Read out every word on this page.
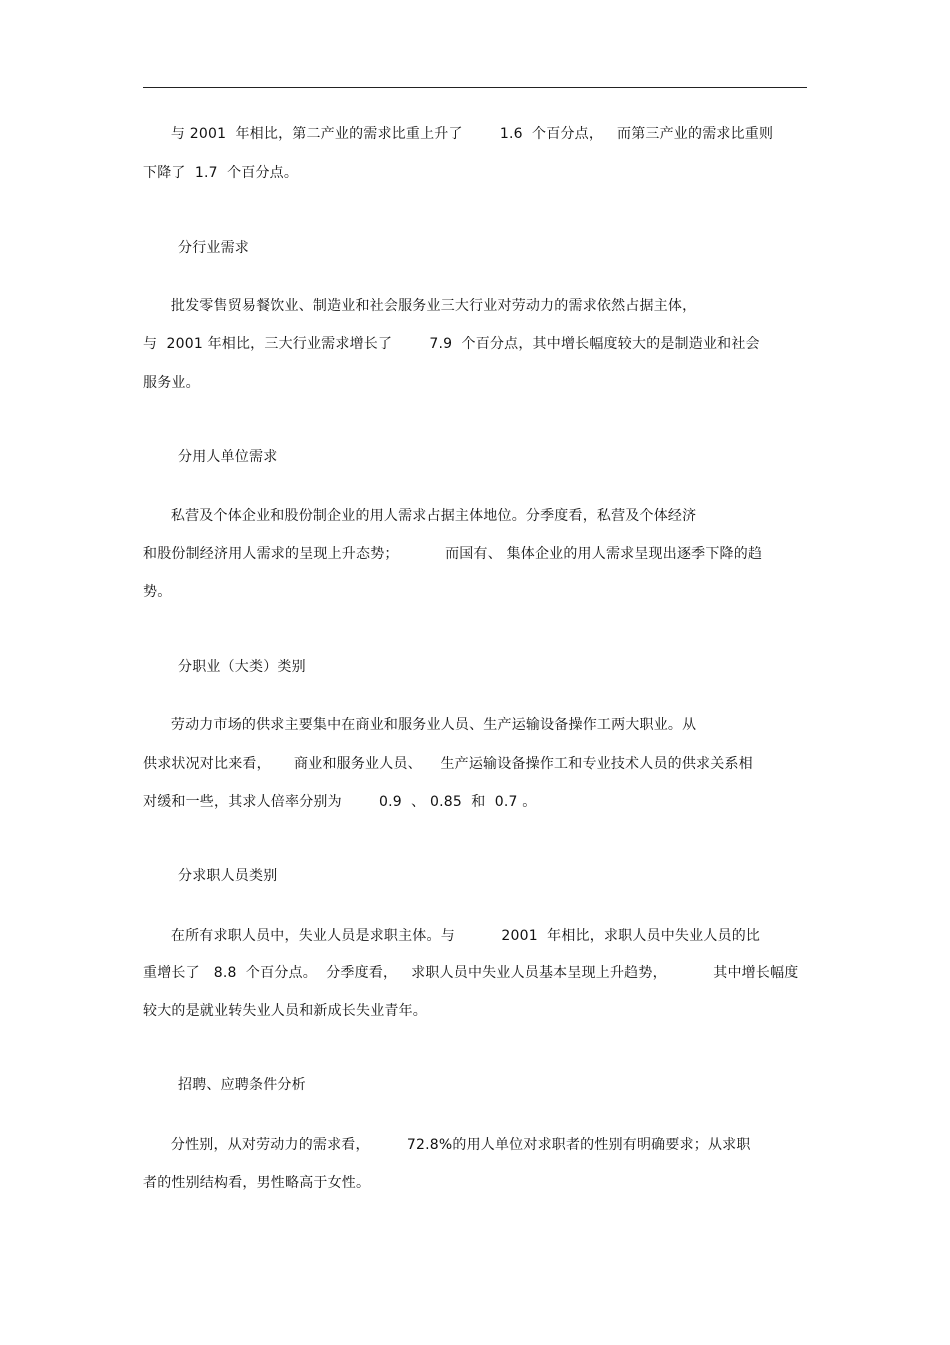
与 2001  年相比，第二产业的需求比重上升了        1.6  个百分点，   而第三产业的需求比重则
下降了  1.7  个百分点。
分行业需求
批发零售贸易餐饮业、制造业和社会服务业三大行业对劳动力的需求依然占据主体，
与  2001 年相比，三大行业需求增长了        7.9  个百分点，其中增长幅度较大的是制造业和社会
服务业。
分用人单位需求
私营及个体企业和股份制企业的用人需求占据主体地位。分季度看，私营及个体经济
和股份制经济用人需求的呈现上升态势；          而国有、 集体企业的用人需求呈现出逐季下降的趋
势。
分职业（大类）类别
劳动力市场的供求主要集中在商业和服务业人员、生产运输设备操作工两大职业。从
供求状况对比来看，     商业和服务业人员、    生产运输设备操作工和专业技术人员的供求关系相
对缓和一些，其求人倍率分别为        0.9  、 0.85  和  0.7 。
分求职人员类别
在所有求职人员中，失业人员是求职主体。与          2001  年相比，求职人员中失业人员的比
重增长了   8.8  个百分点。  分季度看，   求职人员中失业人员基本呈现上升趋势，          其中增长幅度
较大的是就业转失业人员和新成长失业青年。
招聘、应聘条件分析
分性别，从对劳动力的需求看，        72.8%的用人单位对求职者的性别有明确要求；从求职
者的性别结构看，男性略高于女性。
